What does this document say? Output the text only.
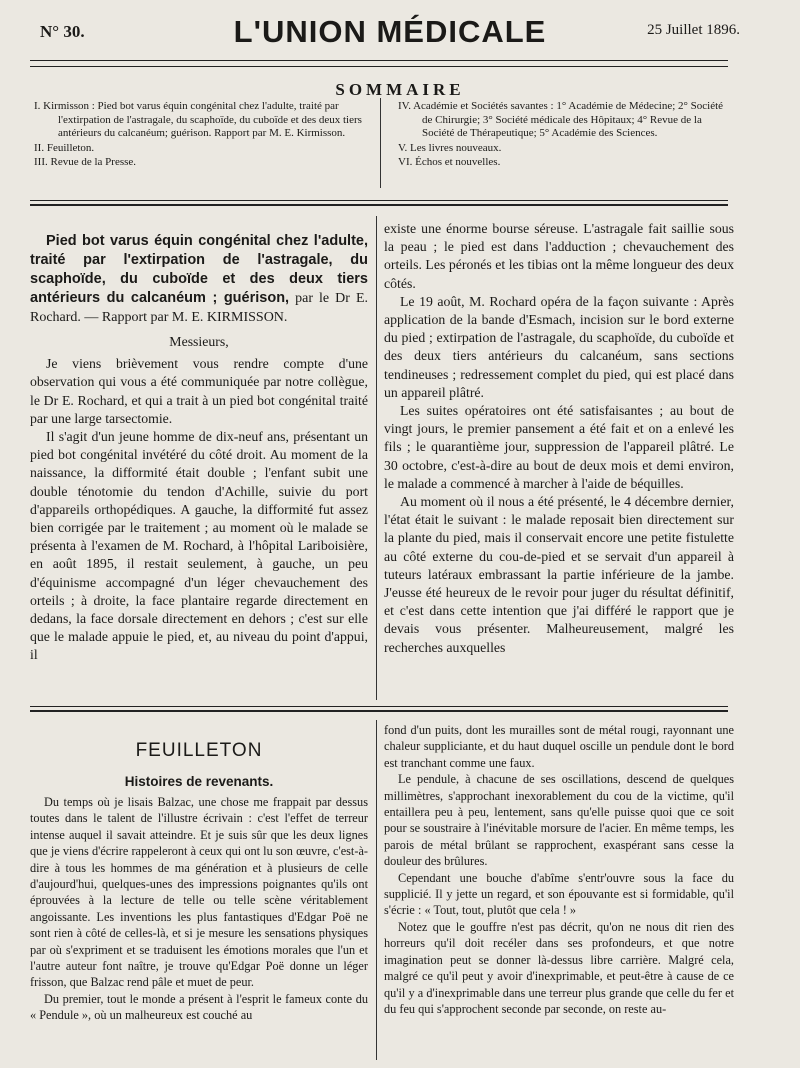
N° 30.	L'UNION MÉDICALE	25 Juillet 1896.
SOMMAIRE

I. Kirmisson : Pied bot varus équin congénital chez l'adulte, traité par l'extirpation de l'astragale, du scaphoïde, du cuboïde et des deux tiers antérieurs du calcanéum; guérison. Rapport par M. E. Kirmisson.

II. Feuilleton.

III. Revue de la Presse.

IV. Académie et Sociétés savantes : 1° Académie de Médecine; 2° Société de Chirurgie; 3° Société médicale des Hôpitaux; 4° Revue de la Société de Thérapeutique; 5° Académie des Sciences.

V. Les livres nouveaux.

VI. Échos et nouvelles.

Pied bot varus équin congénital chez l'adulte, traité par l'extirpation de l'astragale, du scaphoïde, du cuboïde et des deux tiers antérieurs du calcanéum ; guérison, par le Dr E. Rochard. — Rapport par M. E. KIRMISSON.

Messieurs,

Je viens brièvement vous rendre compte d'une observation qui vous a été communiquée par notre collègue, le Dr E. Rochard, et qui a trait à un pied bot congénital traité par une large tarsectomie.

Il s'agit d'un jeune homme de dix-neuf ans, présentant un pied bot congénital invétéré du côté droit. Au moment de la naissance, la difformité était double ; l'enfant subit une double ténotomie du tendon d'Achille, suivie du port d'appareils orthopédiques. A gauche, la difformité fut assez bien corrigée par le traitement ; au moment où le malade se présenta à l'examen de M. Rochard, à l'hôpital Lariboisière, en août 1895, il restait seulement, à gauche, un peu d'équinisme accompagné d'un léger chevauchement des orteils ; à droite, la face plantaire regarde directement en dedans, la face dorsale directement en dehors ; c'est sur elle que le malade appuie le pied, et, au niveau du point d'appui, il

existe une énorme bourse séreuse. L'astragale fait saillie sous la peau ; le pied est dans l'adduction ; chevauchement des orteils. Les péronés et les tibias ont la même longueur des deux côtés.

Le 19 août, M. Rochard opéra de la façon suivante : Après application de la bande d'Esmach, incision sur le bord externe du pied ; extirpation de l'astragale, du scaphoïde, du cuboïde et des deux tiers antérieurs du calcanéum, sans sections tendineuses ; redressement complet du pied, qui est placé dans un appareil plâtré.

Les suites opératoires ont été satisfaisantes ; au bout de vingt jours, le premier pansement a été fait et on a enlevé les fils ; le quarantième jour, suppression de l'appareil plâtré. Le 30 octobre, c'est-à-dire au bout de deux mois et demi environ, le malade a commencé à marcher à l'aide de béquilles.

Au moment où il nous a été présenté, le 4 décembre dernier, l'état était le suivant : le malade reposait bien directement sur la plante du pied, mais il conservait encore une petite fistulette au côté externe du cou-de-pied et se servait d'un appareil à tuteurs latéraux embrassant la partie inférieure de la jambe. J'eusse été heureux de le revoir pour juger du résultat définitif, et c'est dans cette intention que j'ai différé le rapport que je devais vous présenter. Malheureusement, malgré les recherches auxquelles

FEUILLETON
Histoires de revenants.

Du temps où je lisais Balzac, une chose me frappait par dessus toutes dans le talent de l'illustre écrivain : c'est l'effet de terreur intense auquel il savait atteindre. Et je suis sûr que les deux lignes que je viens d'écrire rappeleront à ceux qui ont lu son œuvre, c'est-à-dire à tous les hommes de ma génération et à plusieurs de celle d'aujourd'hui, quelques-unes des impressions poignantes qu'ils ont éprouvées à la lecture de telle ou telle scène véritablement angoissante. Les inventions les plus fantastiques d'Edgar Poë ne sont rien à côté de celles-là, et si je mesure les sensations physiques par où s'expriment et se traduisent les émotions morales que l'un et l'autre auteur font naître, je trouve qu'Edgar Poë donne un léger frisson, que Balzac rend pâle et muet de peur.

Du premier, tout le monde a présent à l'esprit le fameux conte du « Pendule », où un malheureux est couché au

fond d'un puits, dont les murailles sont de métal rougi, rayonnant une chaleur suppliciante, et du haut duquel oscille un pendule dont le bord est tranchant comme une faux.

Le pendule, à chacune de ses oscillations, descend de quelques millimètres, s'approchant inexorablement du cou de la victime, qu'il entaillera peu à peu, lentement, sans qu'elle puisse quoi que ce soit pour se soustraire à l'inévitable morsure de l'acier. En même temps, les parois de métal brûlant se rapprochent, exaspérant sans cesse la douleur des brûlures.

Cependant une bouche d'abîme s'entr'ouvre sous la face du supplicié. Il y jette un regard, et son épouvante est si formidable, qu'il s'écrie : « Tout, tout, plutôt que cela ! »

Notez que le gouffre n'est pas décrit, qu'on ne nous dit rien des horreurs qu'il doit recéler dans ses profondeurs, et que notre imagination peut se donner là-dessus libre carrière. Malgré cela, malgré ce qu'il peut y avoir d'inexprimable, et peut-être à cause de ce qu'il y a d'inexprimable dans une terreur plus grande que celle du fer et du feu qui s'approchent seconde par seconde, on reste au-
